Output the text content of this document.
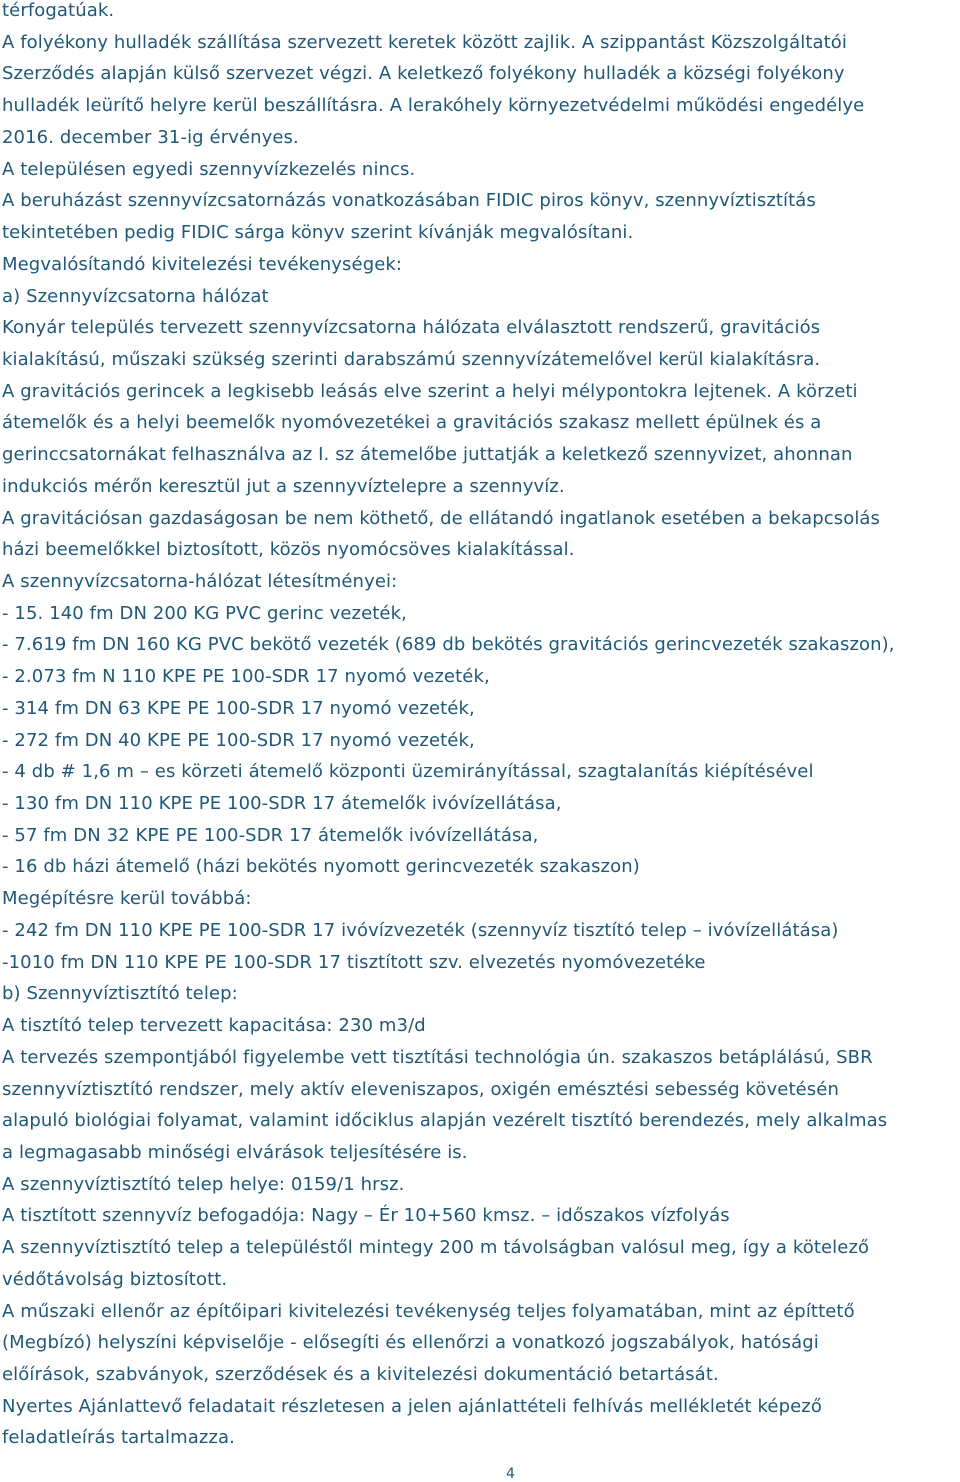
térfogatúak.
A folyékony hulladék szállítása szervezett keretek között zajlik. A szippantást Közszolgáltatói
Szerződés alapján külső szervezet végzi. A keletkező folyékony hulladék a községi folyékony
hulladék leürítő helyre kerül beszállításra. A lerakóhely környezetvédelmi működési engedélye
2016. december 31-ig érvényes.
A településen egyedi szennyvízkezelés nincs.
A beruházást szennyvízcsatornázás vonatkozásában FIDIC piros könyv, szennyvíztisztítás
tekintetében pedig FIDIC sárga könyv szerint kívánják megvalósítani.
Megvalósítandó kivitelezési tevékenységek:
a) Szennyvízcsatorna hálózat
Konyár település tervezett szennyvízcsatorna hálózata elválasztott rendszerű, gravitációs
kialakítású, műszaki szükség szerinti darabszámú szennyvízátemelővel kerül kialakításra.
A gravitációs gerincek a legkisebb leásás elve szerint a helyi mélypontokra lejtenek. A körzeti
átemelők és a helyi beemelők nyomóvezetékei a gravitációs szakasz mellett épülnek és a
gerinccsatornákat felhasználva az I. sz átemelőbe juttatják a keletkező szennyvizet, ahonnan
indukciós mérőn keresztül jut a szennyvíztelepre a szennyvíz.
A gravitációsan gazdaságosan be nem köthető, de ellátandó ingatlanok esetében a bekapcsolás
házi beemelőkkel biztosított, közös nyomócsöves kialakítással.
A szennyvízcsatorna-hálózat létesítményei:
- 15. 140 fm DN 200 KG PVC gerinc vezeték,
- 7.619 fm DN 160 KG PVC bekötő vezeték (689 db bekötés gravitációs gerincvezeték szakaszon),
- 2.073 fm N 110 KPE PE 100-SDR 17 nyomó vezeték,
- 314 fm DN 63 KPE PE 100-SDR 17 nyomó vezeték,
- 272 fm DN 40 KPE PE 100-SDR 17 nyomó vezeték,
- 4 db # 1,6 m – es körzeti átemelő központi üzemirányítással, szagtalanítás kiépítésével
- 130 fm DN 110 KPE PE 100-SDR 17 átemelők ivóvízellátása,
- 57 fm DN 32 KPE PE 100-SDR 17 átemelők ivóvízellátása,
- 16 db házi átemelő (házi bekötés nyomott gerincvezeték szakaszon)
Megépítésre kerül továbbá:
- 242 fm DN 110 KPE PE 100-SDR 17 ivóvízvezeték (szennyvíz tisztító telep – ivóvízellátása)
-1010 fm DN 110 KPE PE 100-SDR 17 tisztított szv. elvezetés nyomóvezetéke
b) Szennyvíztisztító telep:
A tisztító telep tervezett kapacitása: 230 m3/d
A tervezés szempontjából figyelembe vett tisztítási technológia ún. szakaszos betáplálású, SBR
szennyvíztisztító rendszer, mely aktív eleveniszapos, oxigén emésztési sebesség követésén
alapuló biológiai folyamat, valamint időciklus alapján vezérelt tisztító berendezés, mely alkalmas
a legmagasabb minőségi elvárások teljesítésére is.
A szennyvíztisztító telep helye: 0159/1 hrsz.
A tisztított szennyvíz befogadója: Nagy – Ér 10+560 kmsz. – időszakos vízfolyás
A szennyvíztisztító telep a településtől mintegy 200 m távolságban valósul meg, így a kötelező
védőtávolság biztosított.
A műszaki ellenőr az építőipari kivitelezési tevékenység teljes folyamatában, mint az építtető
(Megbízó) helyszíni képviselője - elősegíti és ellenőrzi a vonatkozó jogszabályok, hatósági
előírások, szabványok, szerződések és a kivitelezési dokumentáció betartását.
Nyertes Ajánlattevő feladatait részletesen a jelen ajánlattételi felhívás mellékletét képező
feladatleírás tartalmazza.
4
